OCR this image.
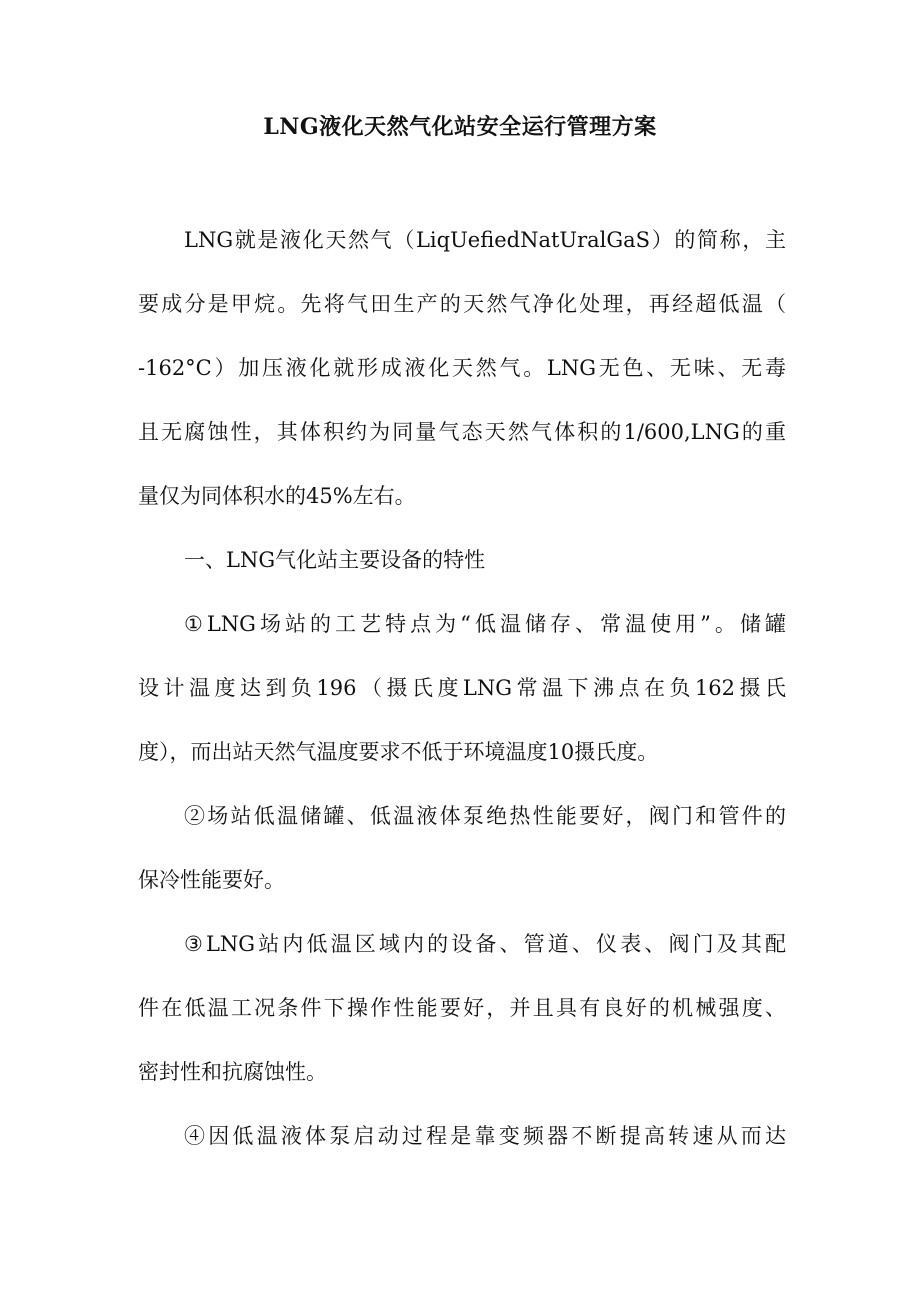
LNG液化天然气化站安全运行管理方案
LNG就是液化天然气（LiqUefiedNatUralGaS）的简称，主
要成分是甲烷。先将气田生产的天然气净化处理，再经超低温（
-162°C）加压液化就形成液化天然气。LNG无色、无味、无毒
且无腐蚀性，其体积约为同量气态天然气体积的1/600,LNG的重
量仅为同体积水的45%左右。
一、LNG气化站主要设备的特性
①LNG场站的工艺特点为“低温储存、常温使用”。储罐
设计温度达到负196（摄氏度LNG常温下沸点在负162摄氏
度），而出站天然气温度要求不低于环境温度10摄氏度。
②场站低温储罐、低温液体泵绝热性能要好，阀门和管件的
保冷性能要好。
③LNG站内低温区域内的设备、管道、仪表、阀门及其配
件在低温工况条件下操作性能要好，并且具有良好的机械强度、
密封性和抗腐蚀性。
④因低温液体泵启动过程是靠变频器不断提高转速从而达
